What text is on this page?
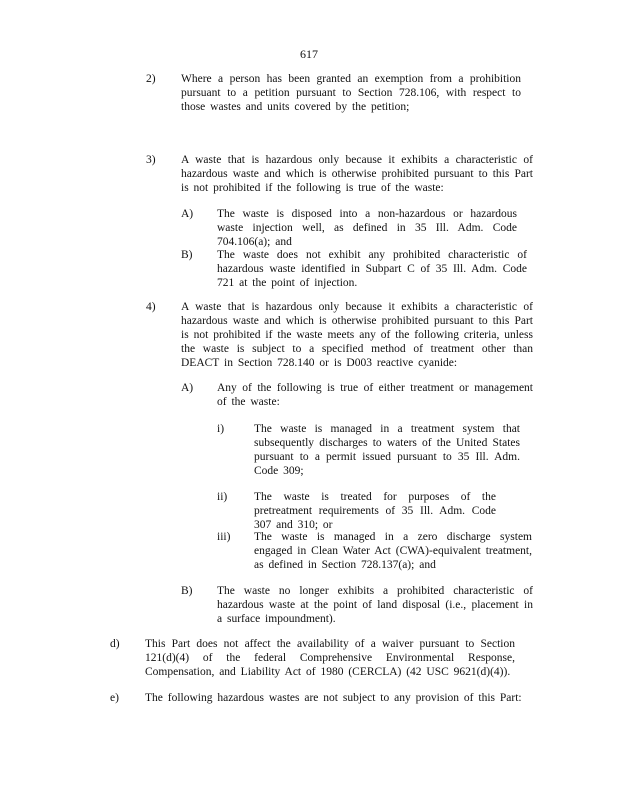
617
2) Where a person has been granted an exemption from a prohibition pursuant to a petition pursuant to Section 728.106, with respect to those wastes and units covered by the petition;
3) A waste that is hazardous only because it exhibits a characteristic of hazardous waste and which is otherwise prohibited pursuant to this Part is not prohibited if the following is true of the waste:
A) The waste is disposed into a non-hazardous or hazardous waste injection well, as defined in 35 Ill. Adm. Code 704.106(a); and
B) The waste does not exhibit any prohibited characteristic of hazardous waste identified in Subpart C of 35 Ill. Adm. Code 721 at the point of injection.
4) A waste that is hazardous only because it exhibits a characteristic of hazardous waste and which is otherwise prohibited pursuant to this Part is not prohibited if the waste meets any of the following criteria, unless the waste is subject to a specified method of treatment other than DEACT in Section 728.140 or is D003 reactive cyanide:
A) Any of the following is true of either treatment or management of the waste:
i)	The waste is managed in a treatment system that subsequently discharges to waters of the United States pursuant to a permit issued pursuant to 35 Ill. Adm. Code 309;
ii) The waste is treated for purposes of the pretreatment requirements of 35 Ill. Adm. Code 307 and 310; or
iii) The waste is managed in a zero discharge system engaged in Clean Water Act (CWA)-equivalent treatment, as defined in Section 728.137(a); and
B) The waste no longer exhibits a prohibited characteristic of hazardous waste at the point of land disposal (i.e., placement in a surface impoundment).
d) This Part does not affect the availability of a waiver pursuant to Section 121(d)(4) of the federal Comprehensive Environmental Response, Compensation, and Liability Act of 1980 (CERCLA) (42 USC 9621(d)(4)).
e) The following hazardous wastes are not subject to any provision of this Part:
